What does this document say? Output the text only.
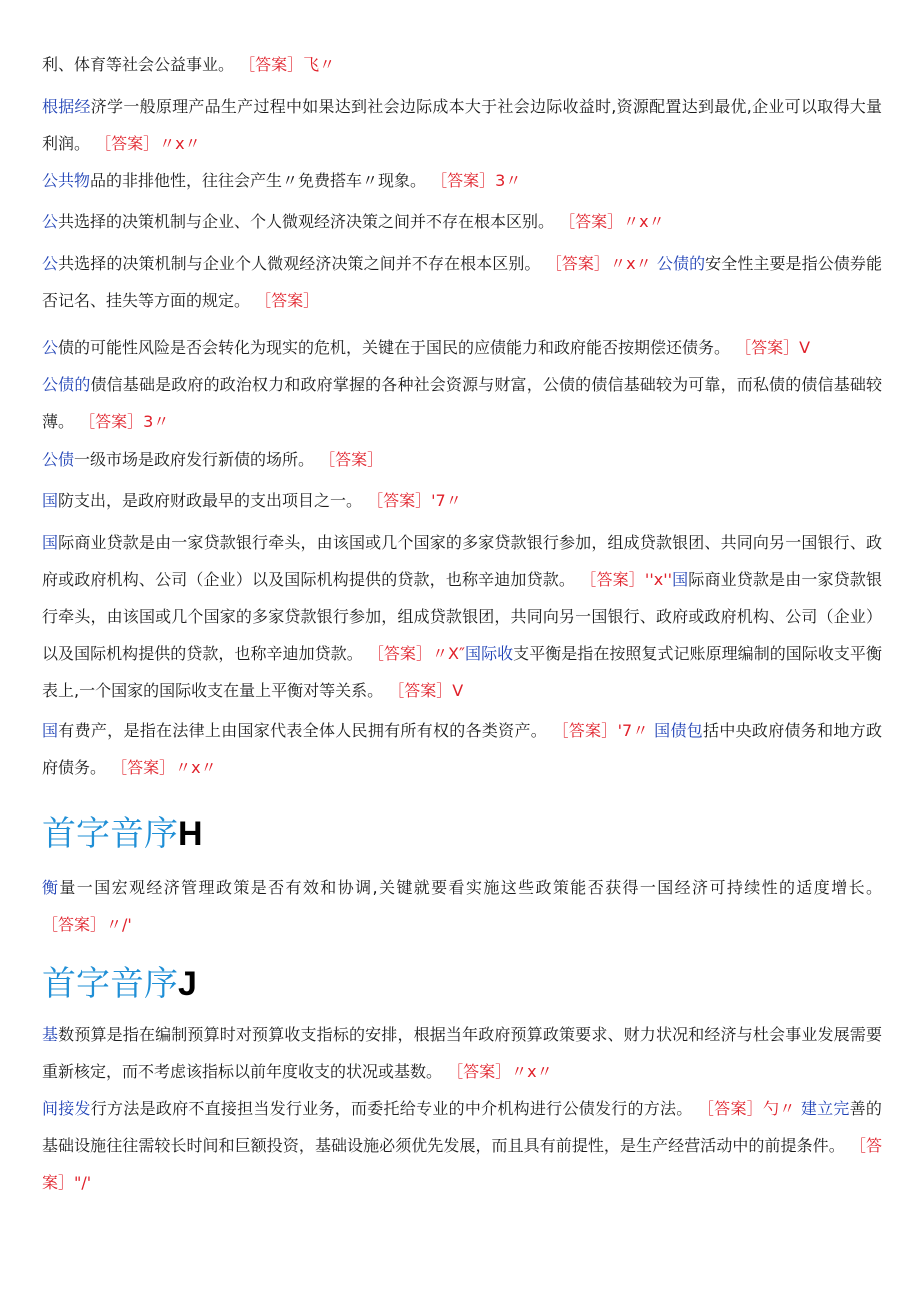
利、体育等社会公益事业。 ［答案］飞〃

根据经济学一般原理产品生产过程中如果达到社会边际成本大于社会边际收益时,资源配置达到最优,企业可以取得大量利润。 ［答案］〃x〃

公共物品的非排他性，往往会产生〃免费搭车〃现象。 ［答案］3〃

公共选择的决策机制与企业、个人微观经济决策之间并不存在根本区别。 ［答案］〃x〃

公共选择的决策机制与企业个人微观经济决策之间并不存在根本区别。 ［答案］〃x〃 公债的安全性主要是指公债券能否记名、挂失等方面的规定。 ［答案］

公债的可能性风险是否会转化为现实的危机，关键在于国民的应债能力和政府能否按期偿还债务。 ［答案］V

公债的债信基础是政府的政治权力和政府掌握的各种社会资源与财富，公债的债信基础较为可靠，而私债的债信基础较薄。 ［答案］3〃

公债一级市场是政府发行新债的场所。 ［答案］

国防支出，是政府财政最早的支出项目之一。 ［答案］'7〃

国际商业贷款是由一家贷款银行牵头，由该国或几个国家的多家贷款银行参加，组成贷款银团、共同向另一国银行、政府或政府机构、公司（企业）以及国际机构提供的贷款，也称辛迪加贷款。 ［答案］''x''国际商业贷款是由一家贷款银行牵头，由该国或几个国家的多家贷款银行参加，组成贷款银团，共同向另一国银行、政府或政府机构、公司（企业）以及国际机构提供的贷款，也称辛迪加贷款。 ［答案］〃X″国际收支平衡是指在按照复式记账原理编制的国际收支平衡表上,一个国家的国际收支在量上平衡对等关系。 ［答案］V

国有费产，是指在法律上由国家代表全体人民拥有所有权的各类资产。 ［答案］'7〃 国债包括中央政府债务和地方政府债务。 ［答案］〃x〃

首字音序H

衡量一国宏观经济管理政策是否有效和协调,关键就要看实施这些政策能否获得一国经济可持续性的适度增长。 ［答案］〃/'

首字音序J

基数预算是指在编制预算时对预算收支指标的安排，根据当年政府预算政策要求、财力状况和经济与杜会事业发展需要重新核定，而不考虑该指标以前年度收支的状况或基数。 ［答案］〃x〃

间接发行方法是政府不直接担当发行业务，而委托给专业的中介机构进行公债发行的方法。 ［答案］勺〃 建立完善的基础设施往往需较长时间和巨额投资，基础设施必须优先发展，而且具有前提性，是生产经营活动中的前提条件。 ［答案］"/'
